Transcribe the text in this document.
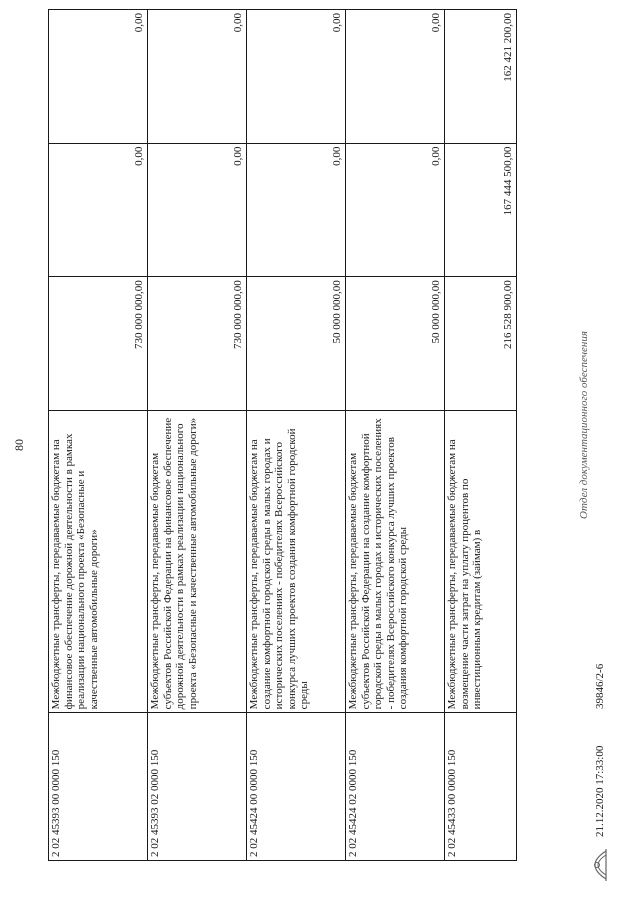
80
2 02 45393 00 0000 150	Межбюджетные трансферты, передаваемые бюджетам на финансовое обеспечение дорожной деятельности в рамках реализации национального проекта «Безопасные и качественные автомобильные дороги»	730 000 000,00	0,00	0,00
2 02 45393 02 0000 150	Межбюджетные трансферты, передаваемые бюджетам субъектов Российской Федерации на финансовое обеспечение дорожной деятельности в рамках реализации национального проекта «Безопасные и качественные автомобильные дороги»	730 000 000,00	0,00	0,00
2 02 45424 00 0000 150	Межбюджетные трансферты, передаваемые бюджетам на создание комфортной городской среды в малых городах и исторических поселениях - победителях Всероссийского конкурса лучших проектов создания комфортной городской среды	50 000 000,00	0,00	0,00
2 02 45424 02 0000 150	Межбюджетные трансферты, передаваемые бюджетам субъектов Российской Федерации на создание комфортной городской среды в малых городах и исторических поселениях - победителях Всероссийского конкурса лучших проектов создания комфортной городской среды	50 000 000,00	0,00	0,00
2 02 45433 00 0000 150	Межбюджетные трансферты, передаваемые бюджетам на возмещение части затрат на уплату процентов по инвестиционным кредитам (займам) в	216 528 900,00	167 444 500,00	162 421 200,00
21.12.2020 17:33:00
39846/2-6
Отдел документационного обеспечения
